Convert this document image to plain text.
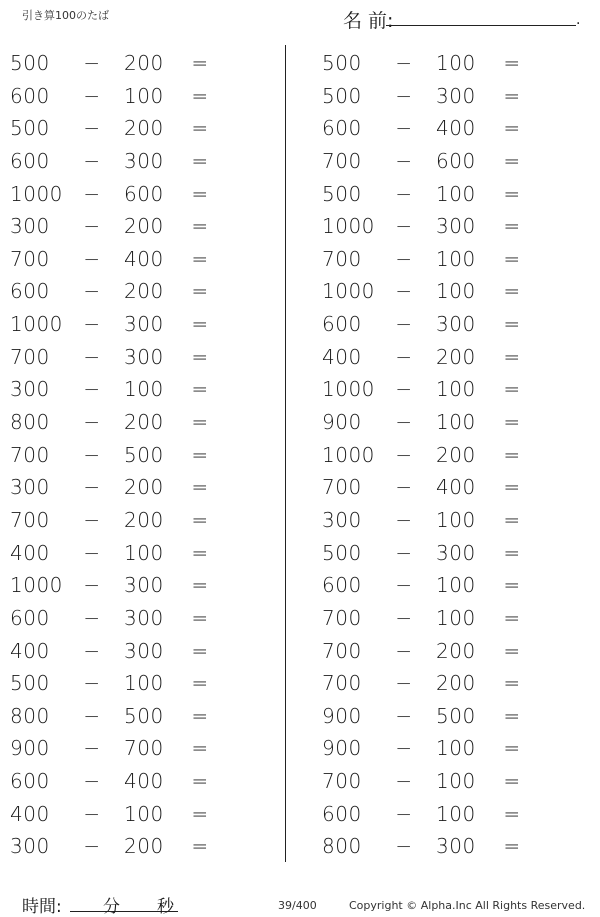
引き算100のたば	名 前:	.
500	− 200	=
600	− 100	=
500	− 200	=
600	− 300	=
1000 − 600	=
300	− 200	=
700	− 400	=
600	− 200	=
1000 − 300	=
700	− 300	=
300	− 100	=
800	− 200	=
700	− 500	=
300	− 200	=
700	− 200	=
400	− 100	=
1000 − 300	=
600	− 300	=
400	− 300	=
500	− 100	=
800	− 500	=
900	− 700	=
600	− 400	=
400	− 100	=
300	− 200	=
500	− 100	=
500	− 300	=
600	− 400	=
700	− 600	=
500	− 100	=
1000 − 300	=
700	− 100	=
1000 − 100	=
600	− 300	=
400	− 200	=
1000 − 100	=
900	− 100	=
1000 − 200	=
700	− 400	=
300	− 100	=
500	− 300	=
600	− 100	=
700	− 100	=
700	− 200	=
700	− 200	=
900	− 500	=
900	− 100	=
700	− 100	=
600	− 100	=
800	− 300	=
時間: 分 秒	39/400	Copyright © Alpha.Inc All Rights Reserved.
